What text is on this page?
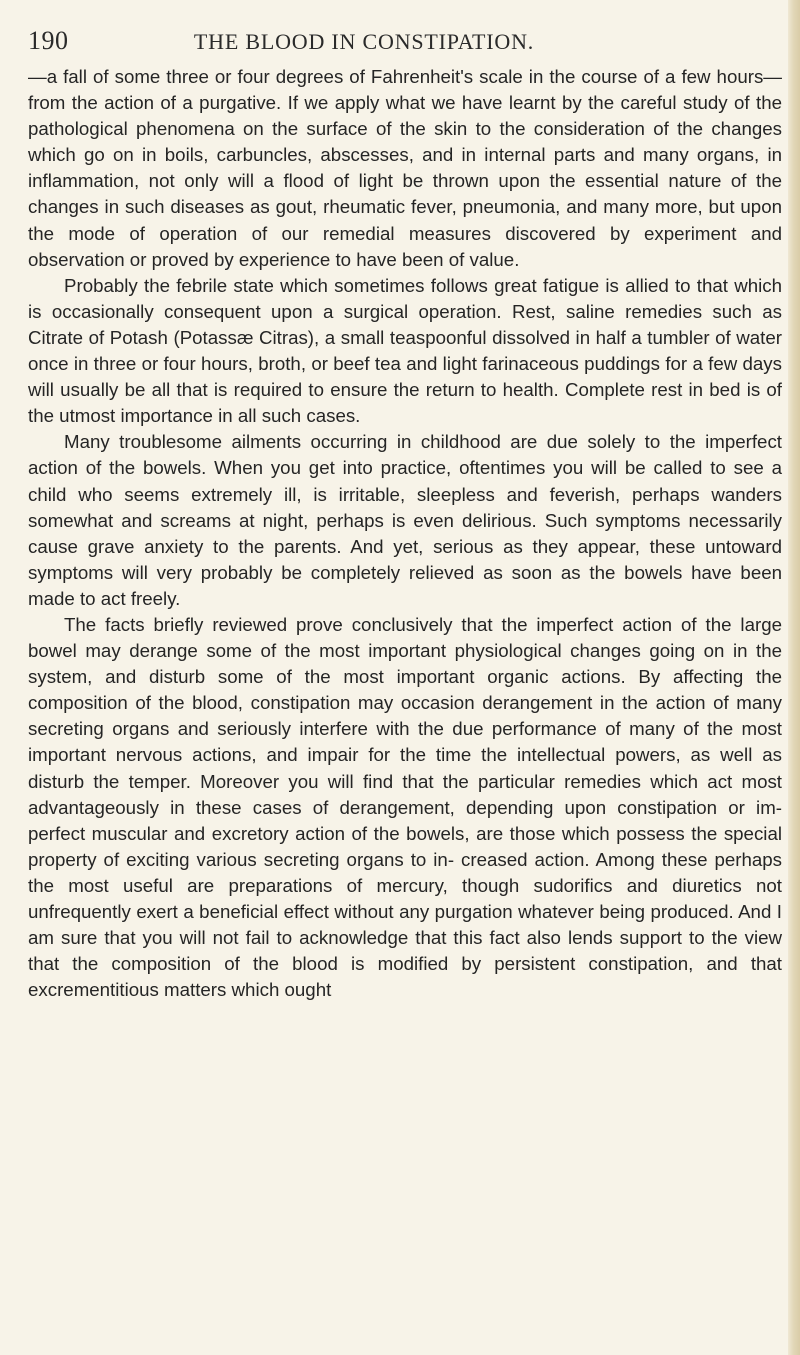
190	THE BLOOD IN CONSTIPATION.

—a fall of some three or four degrees of Fahrenheit's scale in the course of a few hours—from the action of a purgative. If we apply what we have learnt by the careful study of the pathological phenomena on the surface of the skin to the consideration of the changes which go on in boils, carbuncles, abscesses, and in internal parts and many organs, in inflammation, not only will a flood of light be thrown upon the essential nature of the changes in such diseases as gout, rheumatic fever, pneumonia, and many more, but upon the mode of operation of our remedial measures discovered by experiment and observation or proved by experience to have been of value.

Probably the febrile state which sometimes follows great fatigue is allied to that which is occasionally consequent upon a surgical operation. Rest, saline remedies such as Citrate of Potash (Potassæ Citras), a small teaspoonful dissolved in half a tumbler of water once in three or four hours, broth, or beef tea and light farinaceous puddings for a few days will usually be all that is required to ensure the return to health. Complete rest in bed is of the utmost importance in all such cases.

Many troublesome ailments occurring in childhood are due solely to the imperfect action of the bowels. When you get into practice, oftentimes you will be called to see a child who seems extremely ill, is irritable, sleepless and feverish, perhaps wanders somewhat and screams at night, perhaps is even delirious. Such symptoms necessarily cause grave anxiety to the parents. And yet, serious as they appear, these untoward symptoms will very probably be completely relieved as soon as the bowels have been made to act freely.

The facts briefly reviewed prove conclusively that the imperfect action of the large bowel may derange some of the most important physiological changes going on in the system, and disturb some of the most important organic actions. By affecting the composition of the blood, constipation may occasion derangement in the action of many secreting organs and seriously interfere with the due performance of many of the most important nervous actions, and impair for the time the intellectual powers, as well as disturb the temper. Moreover you will find that the particular remedies which act most advantageously in these cases of derangement, depending upon constipation or im- perfect muscular and excretory action of the bowels, are those which possess the special property of exciting various secreting organs to in- creased action. Among these perhaps the most useful are preparations of mercury, though sudorifics and diuretics not unfrequently exert a beneficial effect without any purgation whatever being produced. And I am sure that you will not fail to acknowledge that this fact also lends support to the view that the composition of the blood is modified by persistent constipation, and that excrementitious matters which ought
